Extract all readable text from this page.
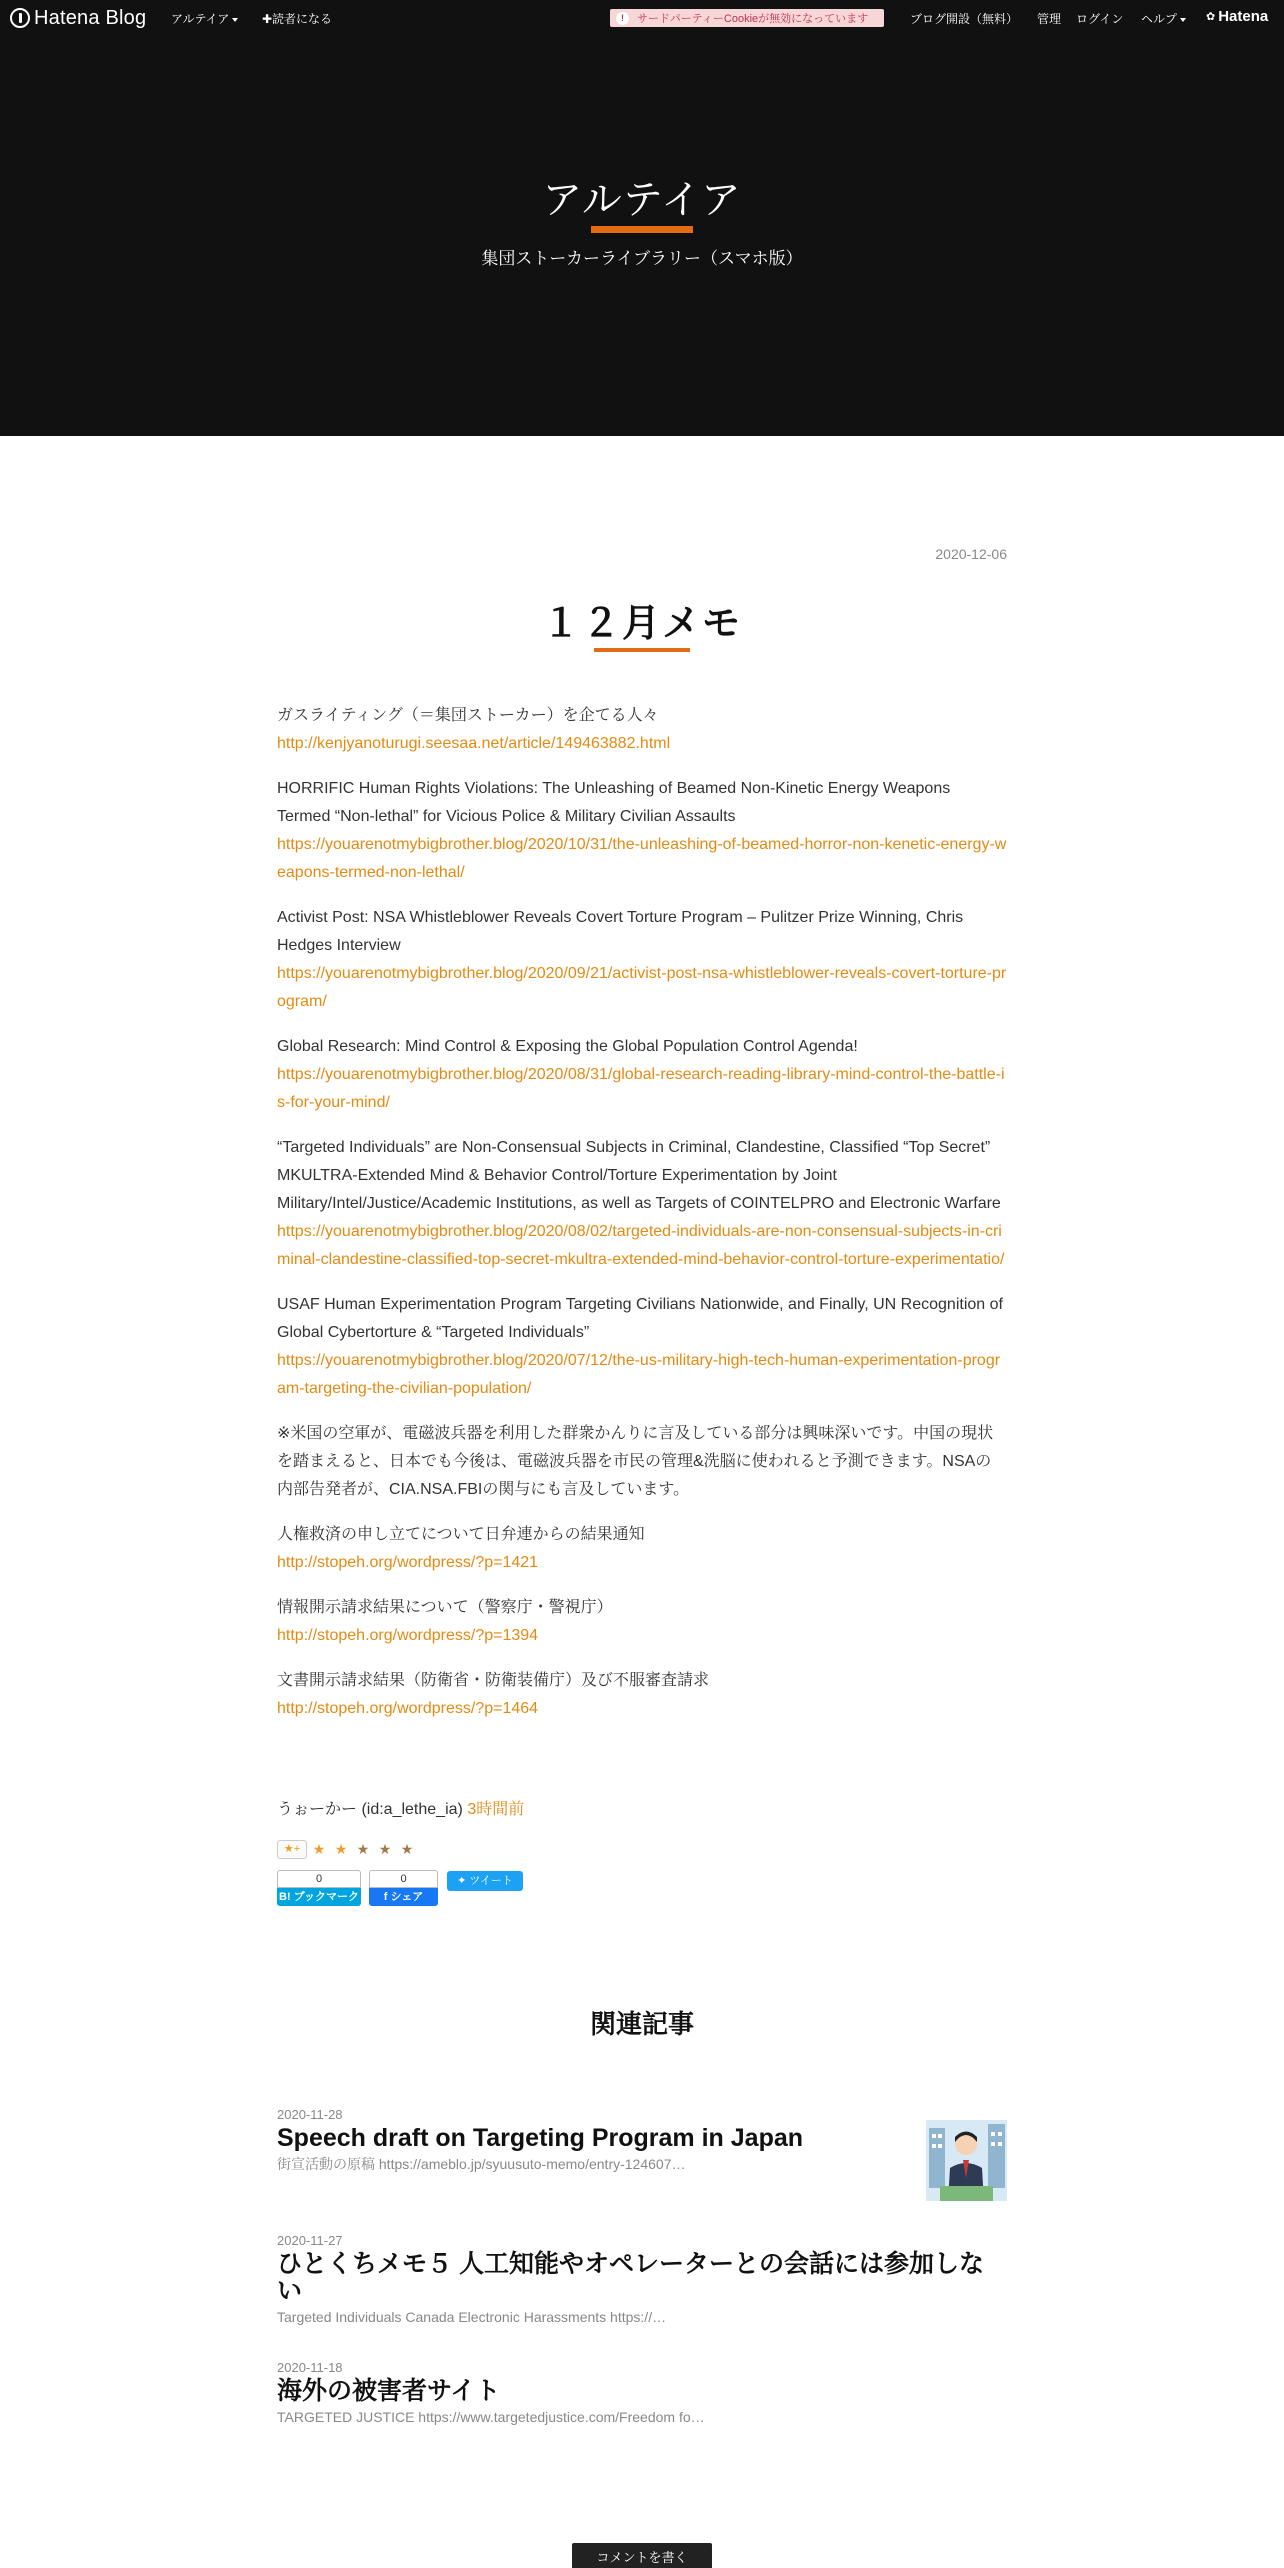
Hatena Blog アルテイア	✚読者になる	!	サードパーティーCookieが無効になっています	ブログ開設（無料） 管理 ログイン ヘルプ	✿ Hatena
アルテイア
集団ストーカーライブラリー（スマホ版）
2020-12-06
１２月メモ

ガスライティング（＝集団ストーカー）を企てる人々
http://kenjyanoturugi.seesaa.net/article/149463882.html

HORRIFIC Human Rights Violations: The Unleashing of Beamed Non-Kinetic Energy Weapons Termed “Non-lethal” for Vicious Police & Military Civilian Assaults
https://youarenotmybigbrother.blog/2020/10/31/the-unleashing-of-beamed-horror-non-kenetic-energy-weapons-termed-non-lethal/

Activist Post: NSA Whistleblower Reveals Covert Torture Program – Pulitzer Prize Winning, Chris Hedges Interview
https://youarenotmybigbrother.blog/2020/09/21/activist-post-nsa-whistleblower-reveals-covert-torture-program/

Global Research: Mind Control & Exposing the Global Population Control Agenda!
https://youarenotmybigbrother.blog/2020/08/31/global-research-reading-library-mind-control-the-battle-is-for-your-mind/

“Targeted Individuals” are Non-Consensual Subjects in Criminal, Clandestine, Classified “Top Secret” MKULTRA-Extended Mind & Behavior Control/Torture Experimentation by Joint Military/Intel/Justice/Academic Institutions, as well as Targets of COINTELPRO and Electronic Warfare
https://youarenotmybigbrother.blog/2020/08/02/targeted-individuals-are-non-consensual-subjects-in-criminal-clandestine-classified-top-secret-mkultra-extended-mind-behavior-control-torture-experimentatio/

USAF Human Experimentation Program Targeting Civilians Nationwide, and Finally, UN Recognition of Global Cybertorture & “Targeted Individuals”
https://youarenotmybigbrother.blog/2020/07/12/the-us-military-high-tech-human-experimentation-program-targeting-the-civilian-population/

※米国の空軍が、電磁波兵器を利用した群衆かんりに言及している部分は興味深いです。中国の現状を踏まえると、日本でも今後は、電磁波兵器を市民の管理&洗脳に使われると予測できます。NSAの内部告発者が、CIA.NSA.FBIの関与にも言及しています。

人権救済の申し立てについて日弁連からの結果通知
http://stopeh.org/wordpress/?p=1421

情報開示請求結果について（警察庁・警視庁）
http://stopeh.org/wordpress/?p=1394

文書開示請求結果（防衛省・防衛装備庁）及び不服審査請求
http://stopeh.org/wordpress/?p=1464

うぉーかー (id:a_lethe_ia) 3時間前
★+ ★ ★ ★ ★ ★
0
B! ブックマーク
0
f シェア
✦ ツイート
関連記事
2020-11-28
Speech draft on Targeting Program in Japan
街宣活動の原稿 https://ameblo.jp/syuusuto-memo/entry-124607…
2020-11-27
ひとくちメモ５ 人工知能やオペレーターとの会話には参加しない
Targeted Individuals Canada Electronic Harassments https://…
2020-11-18
海外の被害者サイト
TARGETED JUSTICE https://www.targetedjustice.com/Freedom fo…
コメントを書く
